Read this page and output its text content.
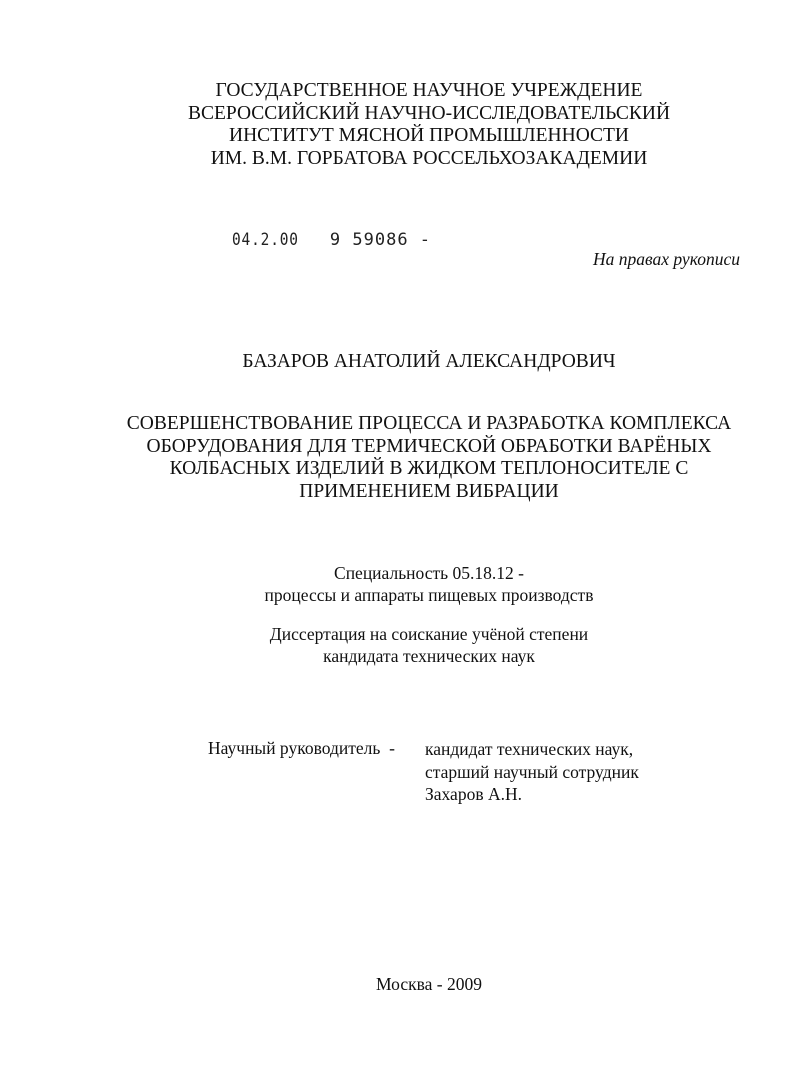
ГОСУДАРСТВЕННОЕ НАУЧНОЕ УЧРЕЖДЕНИЕ
ВСЕРОССИЙСКИЙ НАУЧНО-ИССЛЕДОВАТЕЛЬСКИЙ
ИНСТИТУТ МЯСНОЙ ПРОМЫШЛЕННОСТИ
ИМ. В.М. ГОРБАТОВА РОССЕЛЬХОЗАКАДЕМИИ
04.2.00 9 59086 -
На правах рукописи
БАЗАРОВ АНАТОЛИЙ АЛЕКСАНДРОВИЧ
СОВЕРШЕНСТВОВАНИЕ ПРОЦЕССА И РАЗРАБОТКА КОМПЛЕКСА
ОБОРУДОВАНИЯ ДЛЯ ТЕРМИЧЕСКОЙ ОБРАБОТКИ ВАРЁНЫХ
КОЛБАСНЫХ ИЗДЕЛИЙ В ЖИДКОМ ТЕПЛОНОСИТЕЛЕ С
ПРИМЕНЕНИЕМ ВИБРАЦИИ
Специальность 05.18.12 -
процессы и аппараты пищевых производств
Диссертация на соискание учёной степени
кандидата технических наук
Научный руководитель  - кандидат технических наук,
старший научный сотрудник
Захаров А.Н.
Москва - 2009
